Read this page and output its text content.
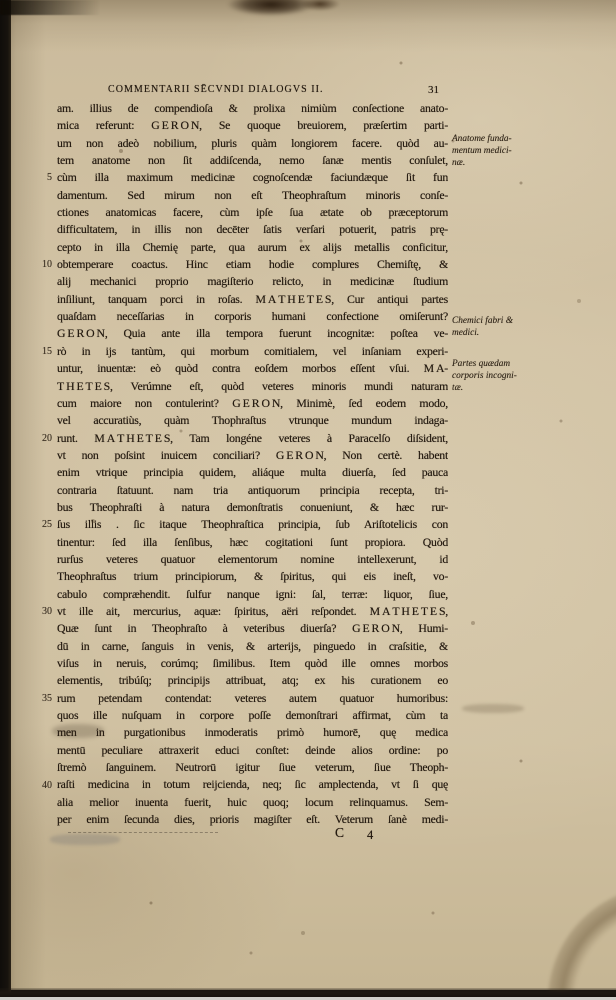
COMMENTARII SĒCVNDI DIALOGVS II.	31
5
10
15
20
25
30
35
40
am. illius de compendioſa & prolixa nimiùm conſectione anato-
mica referunt: G E R O N, Se quoque breuiorem, præſertim parti-
um non adeò nobilium, pluris quàm longiorem facere. quòd au-
tem anatome non ſit addiſcenda, nemo ſanæ mentis conſulet,
cùm illa maximum medicinæ cognoſcendæ faciundæque ſit fun
damentum. Sed mirum non eſt Theophraſtum minoris conſe-
ctiones anatomicas facere, cùm ipſe ſua ætate ob præceptorum
difficultatem, in illis non decēter ſatis verſari potuerit, patris prę-
cepto in illa Chemię parte, qua aurum ex alijs metallis conficitur,
obtemperare coactus. Hinc etiam hodie complures Chemiſtę, &
alij mechanici proprio magiſterio relicto, in medicinæ ſtudium
inſiliunt, tanquam porci in roſas. M A T H E T E S, Cur antiqui partes
quaſdam neceſſarias in corporis humani confectione omiſerunt?
G E R O N, Quia ante illa tempora fuerunt incognitæ: poſtea ve-
rò in ijs tantùm, qui morbum comitialem, vel inſaniam experi-
untur, inuentæ: eò quòd contra eoſdem morbos eſſent vſui. M A-
T H E T E S, Verúmne eſt, quòd veteres minoris mundi naturam
cum maiore non contulerint? G E R O N, Minimè, ſed eodem modo,
vel accuratiùs, quàm Thophraſtus vtrunque mundum indaga-
runt. M A T H E T E S, Tam longéne veteres à Paracelſo diſsident,
vt non poſsint inuicem conciliari? G E R O N, Non certè. habent
enim vtrique principia quidem, aliáque multa diuerſa, ſed pauca
contraria ſtatuunt. nam tria antiquorum principia recepta, tri-
bus Theophraſti à natura demonſtratis conueniunt, & hæc rur-
ſus illis . ſic itaque Theophraſtica principia, ſub Ariſtotelicis con
tinentur: ſed illa ſenſibus, hæc cogitationi ſunt propiora. Quòd
rurſus veteres quatuor elementorum nomine intellexerunt, id
Theophraſtus trium principiorum, & ſpiritus, qui eis ineſt, vo-
cabulo compræhendit. ſulfur nanque igni: ſal, terræ: liquor, ſiue,
vt ille ait, mercurius, aquæ: ſpiritus, aëri reſpondet. M A T H E T E S,
Quæ ſunt in Theophraſto à veteribus diuerſa? G E R O N, Humi-
dū in carne, ſanguis in venis, & arterijs, pinguedo in craſsitie, &
viſus in neruis, corúmq; ſimilibus. Item quòd ille omnes morbos
elementis, tribúſq; principijs attribuat, atq; ex his curationem eo
rum petendam contendat: veteres autem quatuor humoribus:
quos ille nuſquam in corpore poſſe demonſtrari affirmat, cùm ta
men in purgationibus inmoderatis primò humorē, quę medica
mentū peculiare attraxerit educi conſtet: deinde alios ordine: po
ſtremò ſanguinem. Neutrorū igitur ſiue veterum, ſiue Theoph-
raſti medicina in totum reijcienda, neq; ſic amplectenda, vt ſi quę
alia melior inuenta fuerit, huic quoq; locum relinquamus. Sem-
per enim ſecunda dies, prioris magiſter eſt. Veterum ſanè medi-
Anatome funda-
mentum medici-
næ.
Chemici fabri &
medici.
Partes quædam
corporis incogni-
tæ.
C 4
